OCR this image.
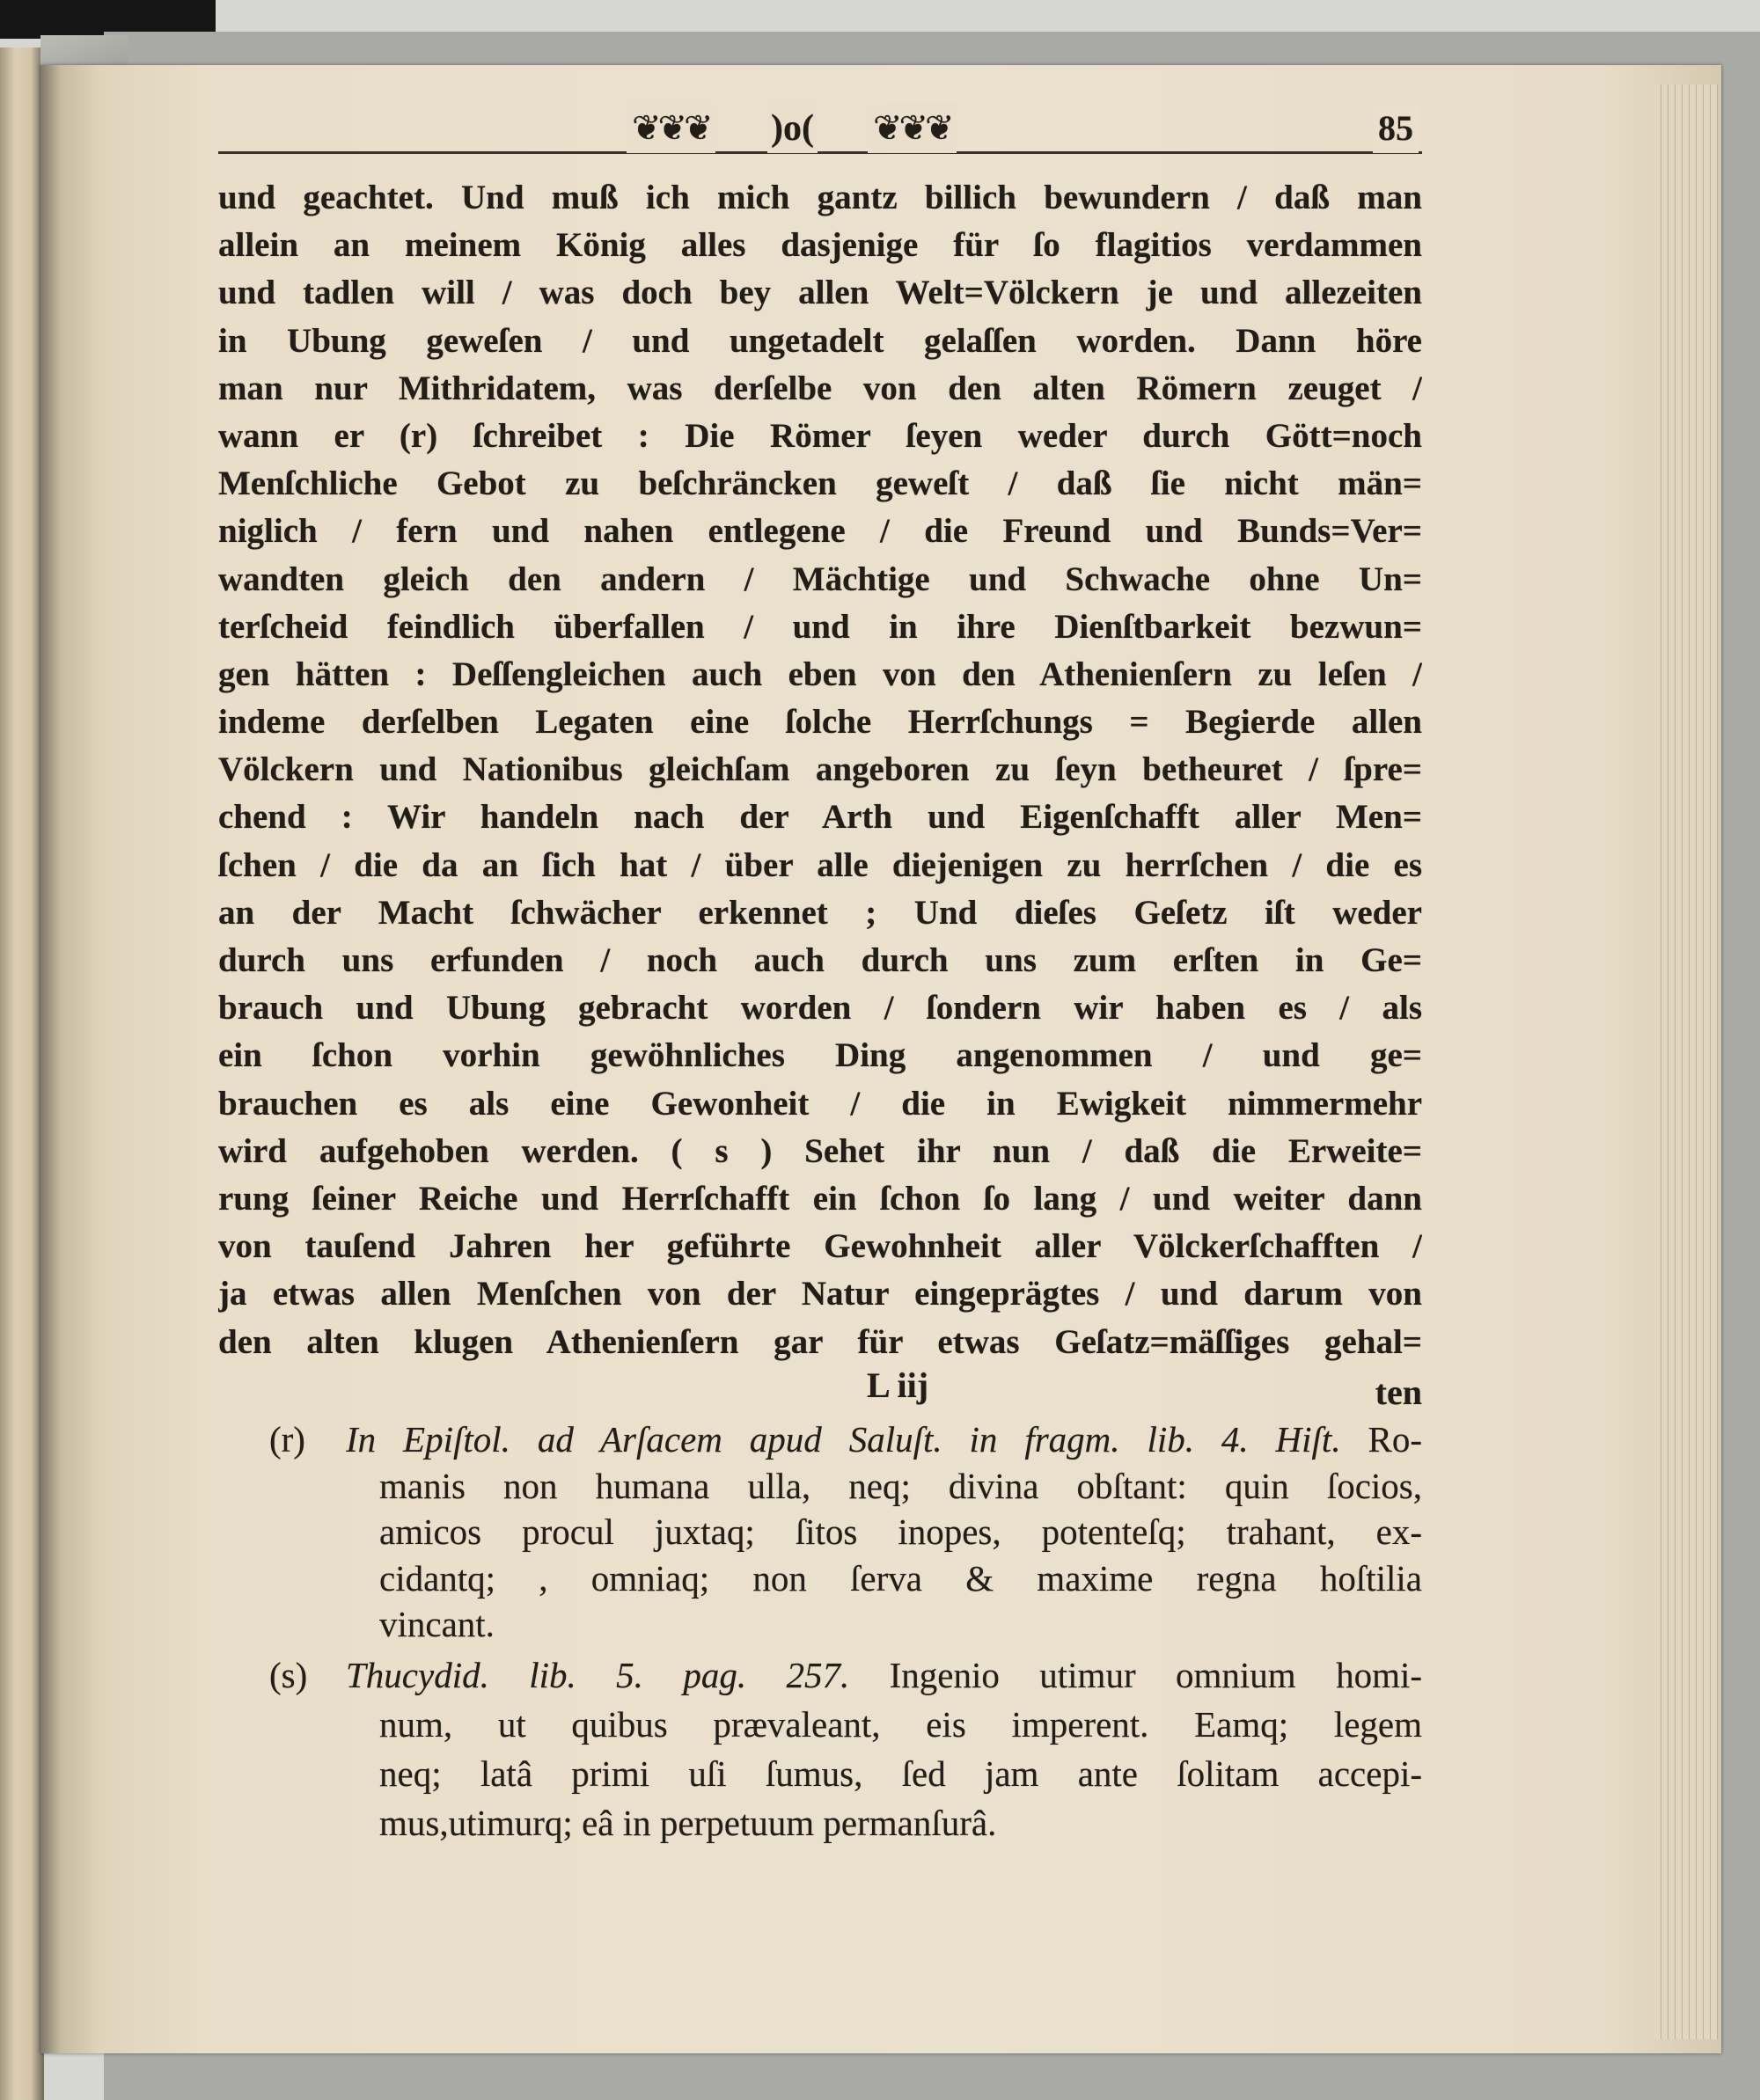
❦❦❦ )o( ❦❦❦	85
und geachtet. Und muß ich mich gantz billich bewundern / daß man
allein an meinem König alles dasjenige für ſo flagitios verdammen
und tadlen will / was doch bey allen Welt=Völckern je und allezeiten
in Ubung geweſen / und ungetadelt gelaſſen worden. Dann höre
man nur Mithridatem, was derſelbe von den alten Römern zeuget /
wann er (r) ſchreibet : Die Römer ſeyen weder durch Gött=noch
Menſchliche Gebot zu beſchräncken geweſt / daß ſie nicht män=
niglich / fern und nahen entlegene / die Freund und Bunds=Ver=
wandten gleich den andern / Mächtige und Schwache ohne Un=
terſcheid feindlich überfallen / und in ihre Dienſtbarkeit bezwun=
gen hätten : Deſſengleichen auch eben von den Athenienſern zu leſen /
indeme derſelben Legaten eine ſolche Herrſchungs = Begierde allen
Völckern und Nationibus gleichſam angeboren zu ſeyn betheuret / ſpre=
chend : Wir handeln nach der Arth und Eigenſchafft aller Men=
ſchen / die da an ſich hat / über alle diejenigen zu herrſchen / die es
an der Macht ſchwächer erkennet ; Und dieſes Geſetz iſt weder
durch uns erfunden / noch auch durch uns zum erſten in Ge=
brauch und Ubung gebracht worden / ſondern wir haben es / als
ein ſchon vorhin gewöhnliches Ding angenommen / und ge=
brauchen es als eine Gewonheit / die in Ewigkeit nimmermehr
wird aufgehoben werden. ( s ) Sehet ihr nun / daß die Erweite=
rung ſeiner Reiche und Herrſchafft ein ſchon ſo lang / und weiter dann
von tauſend Jahren her geführte Gewohnheit aller Völckerſchafften /
ja etwas allen Menſchen von der Natur eingeprägtes / und darum von
den alten klugen Athenienſern gar für etwas Geſatz=mäſſiges gehal=
L iij	ten
(r) In Epiſtol. ad Arſacem apud Saluſt. in fragm. lib. 4. Hiſt. Ro-
manis non humana ulla, neq; divina obſtant: quin ſocios,
amicos procul juxtaq; ſitos inopes, potenteſq; trahant, ex-
cidantq; , omniaq; non ſerva & maxime regna hoſtilia
vincant.
(s) Thucydid. lib. 5. pag. 257. Ingenio utimur omnium homi-
num, ut quibus prævaleant, eis imperent. Eamq; legem
neq; latâ primi uſi ſumus, ſed jam ante ſolitam accepi-
mus,utimurq; eâ in perpetuum permanſurâ.
